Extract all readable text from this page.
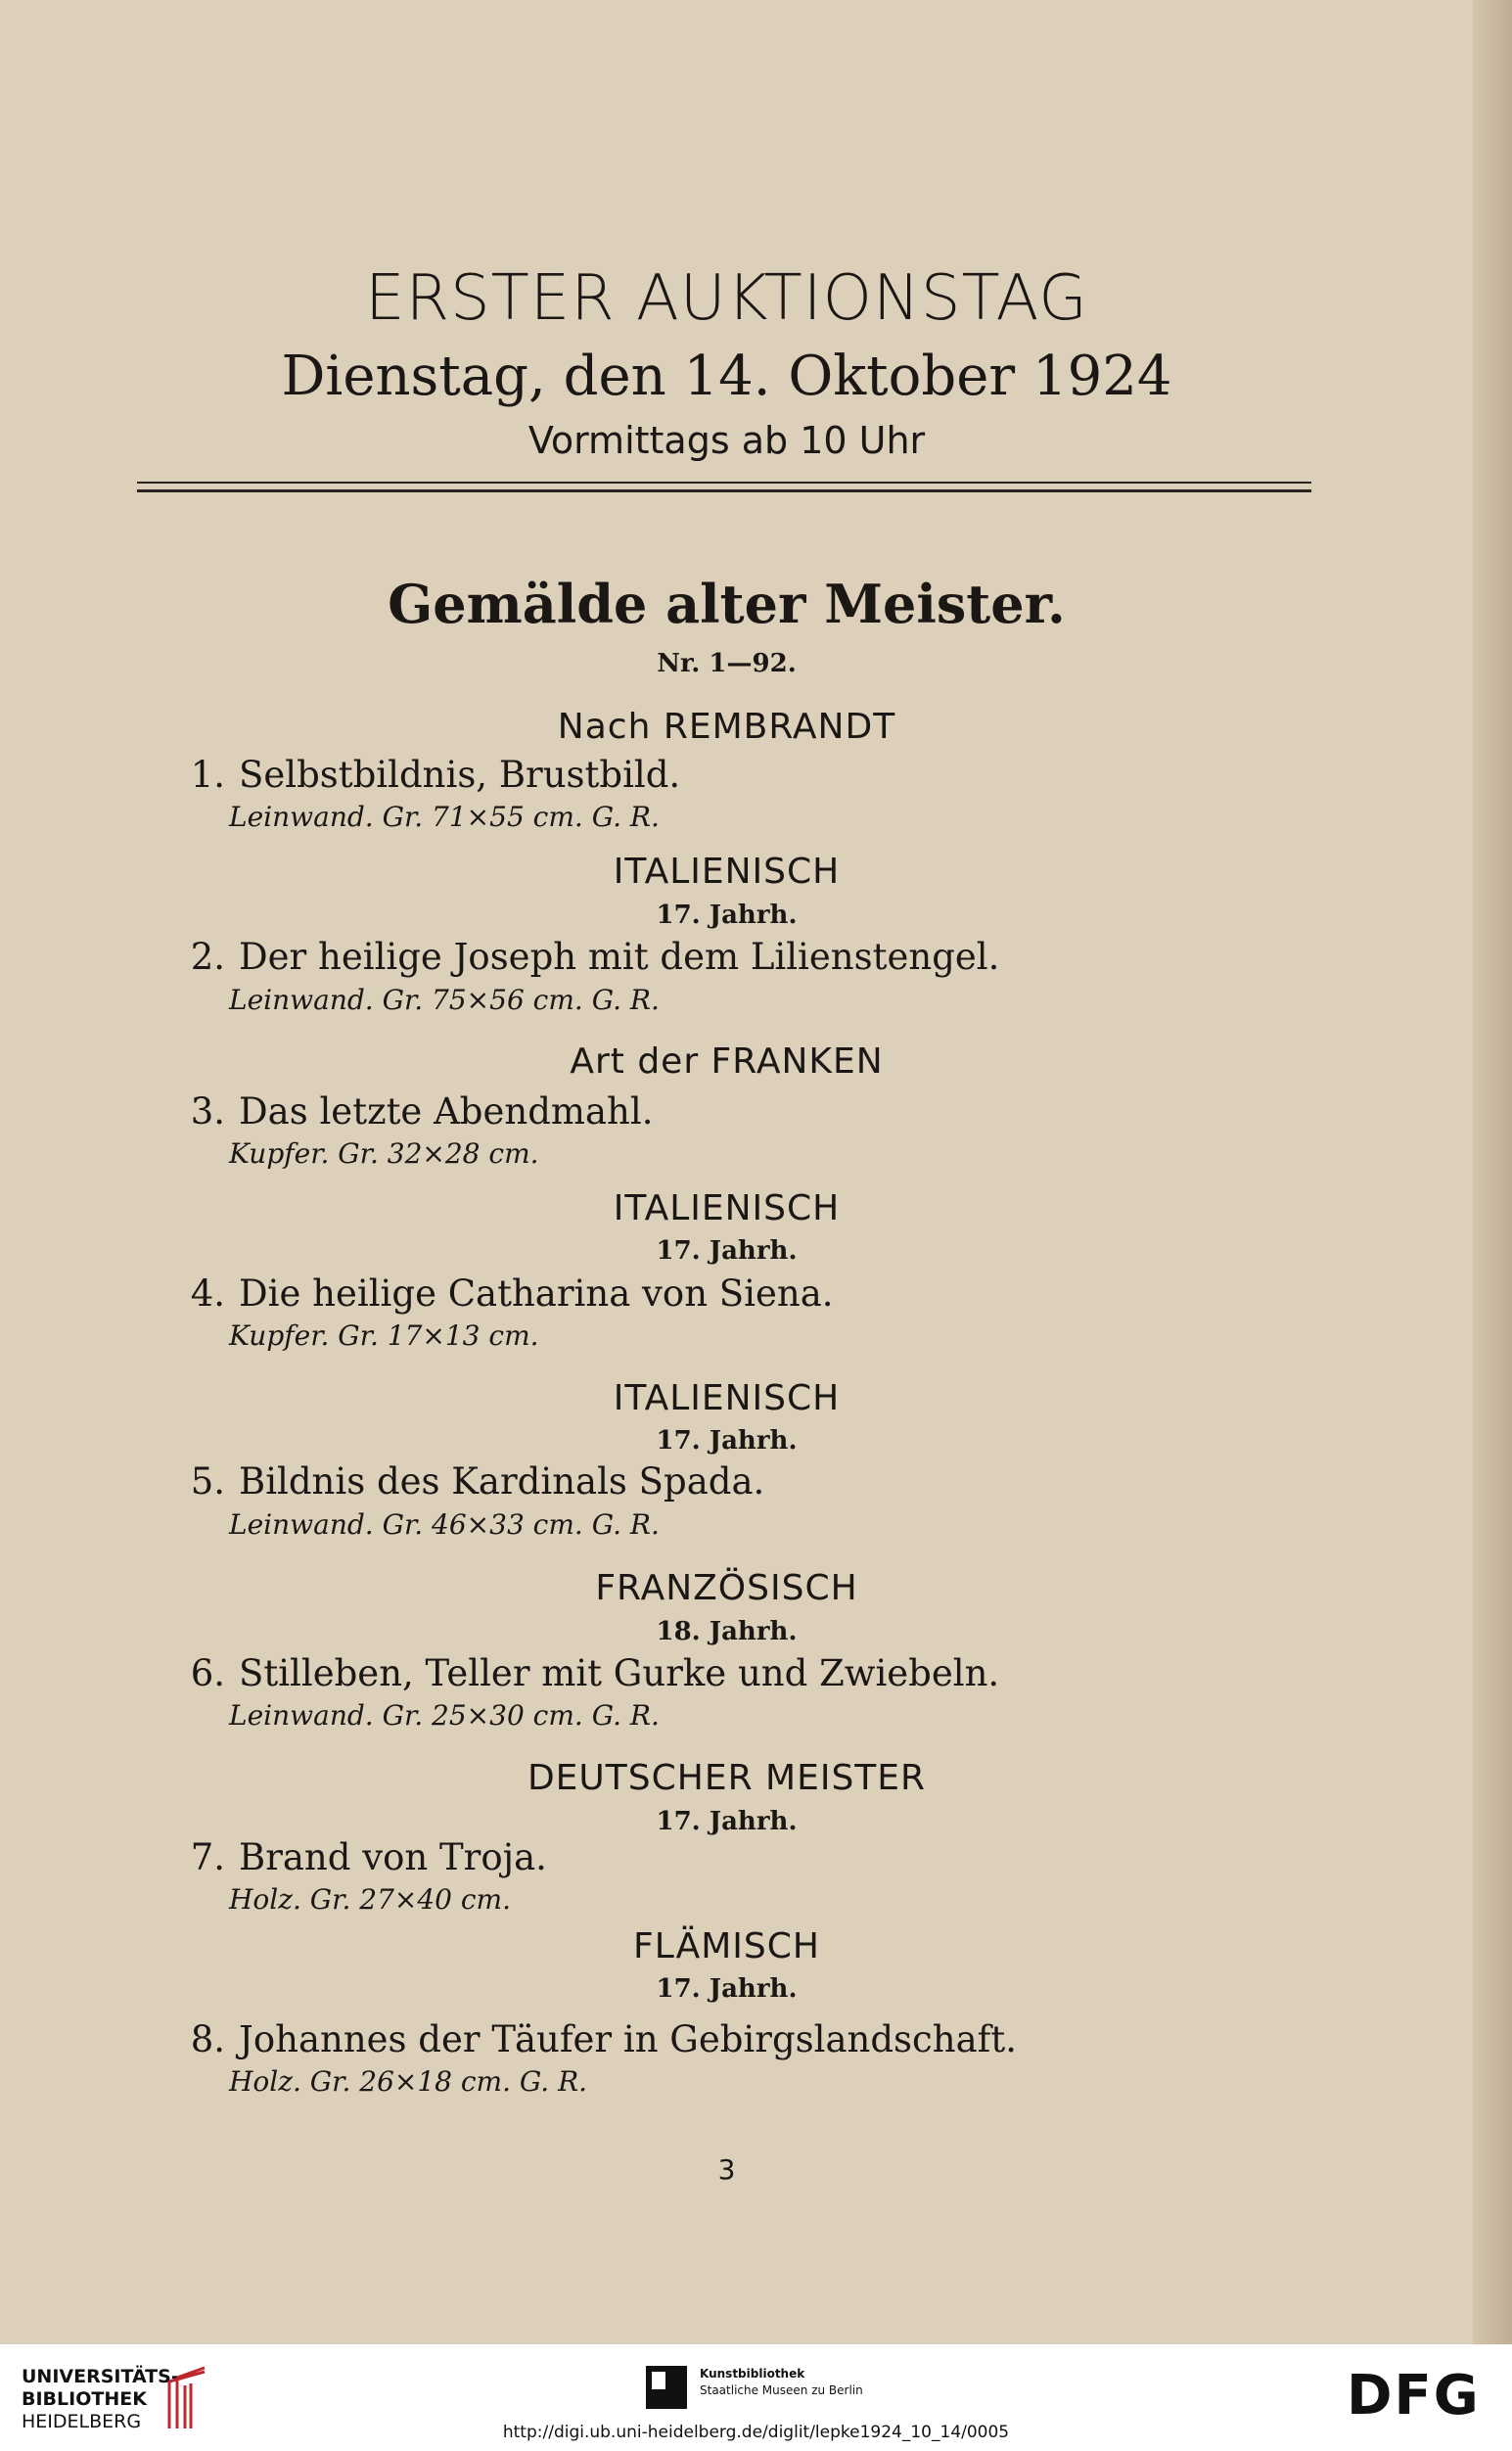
ERSTER AUKTIONSTAG
Dienstag, den 14. Oktober 1924
Vormittags ab 10 Uhr
Gemälde alter Meister.
Nr. 1—92.
Nach REMBRANDT
1. Selbstbildnis, Brustbild.
Leinwand. Gr. 71×55 cm. G. R.
ITALIENISCH
17. Jahrh.
2. Der heilige Joseph mit dem Lilienstengel.
Leinwand. Gr. 75×56 cm. G. R.
Art der FRANKEN
3. Das letzte Abendmahl.
Kupfer. Gr. 32×28 cm.
ITALIENISCH
17. Jahrh.
4. Die heilige Catharina von Siena.
Kupfer. Gr. 17×13 cm.
ITALIENISCH
17. Jahrh.
5. Bildnis des Kardinals Spada.
Leinwand. Gr. 46×33 cm. G. R.
FRANZÖSISCH
18. Jahrh.
6. Stilleben, Teller mit Gurke und Zwiebeln.
Leinwand. Gr. 25×30 cm. G. R.
DEUTSCHER MEISTER
17. Jahrh.
7. Brand von Troja.
Holz. Gr. 27×40 cm.
FLÄMISCH
17. Jahrh.
8. Johannes der Täufer in Gebirgslandschaft.
Holz. Gr. 26×18 cm. G. R.
3
UNIVERSITÄTS-
BIBLIOTHEK
HEIDELBERG
Kunstbibliothek
Staatliche Museen zu Berlin	DFG
http://digi.ub.uni-heidelberg.de/diglit/lepke1924_10_14/0005
